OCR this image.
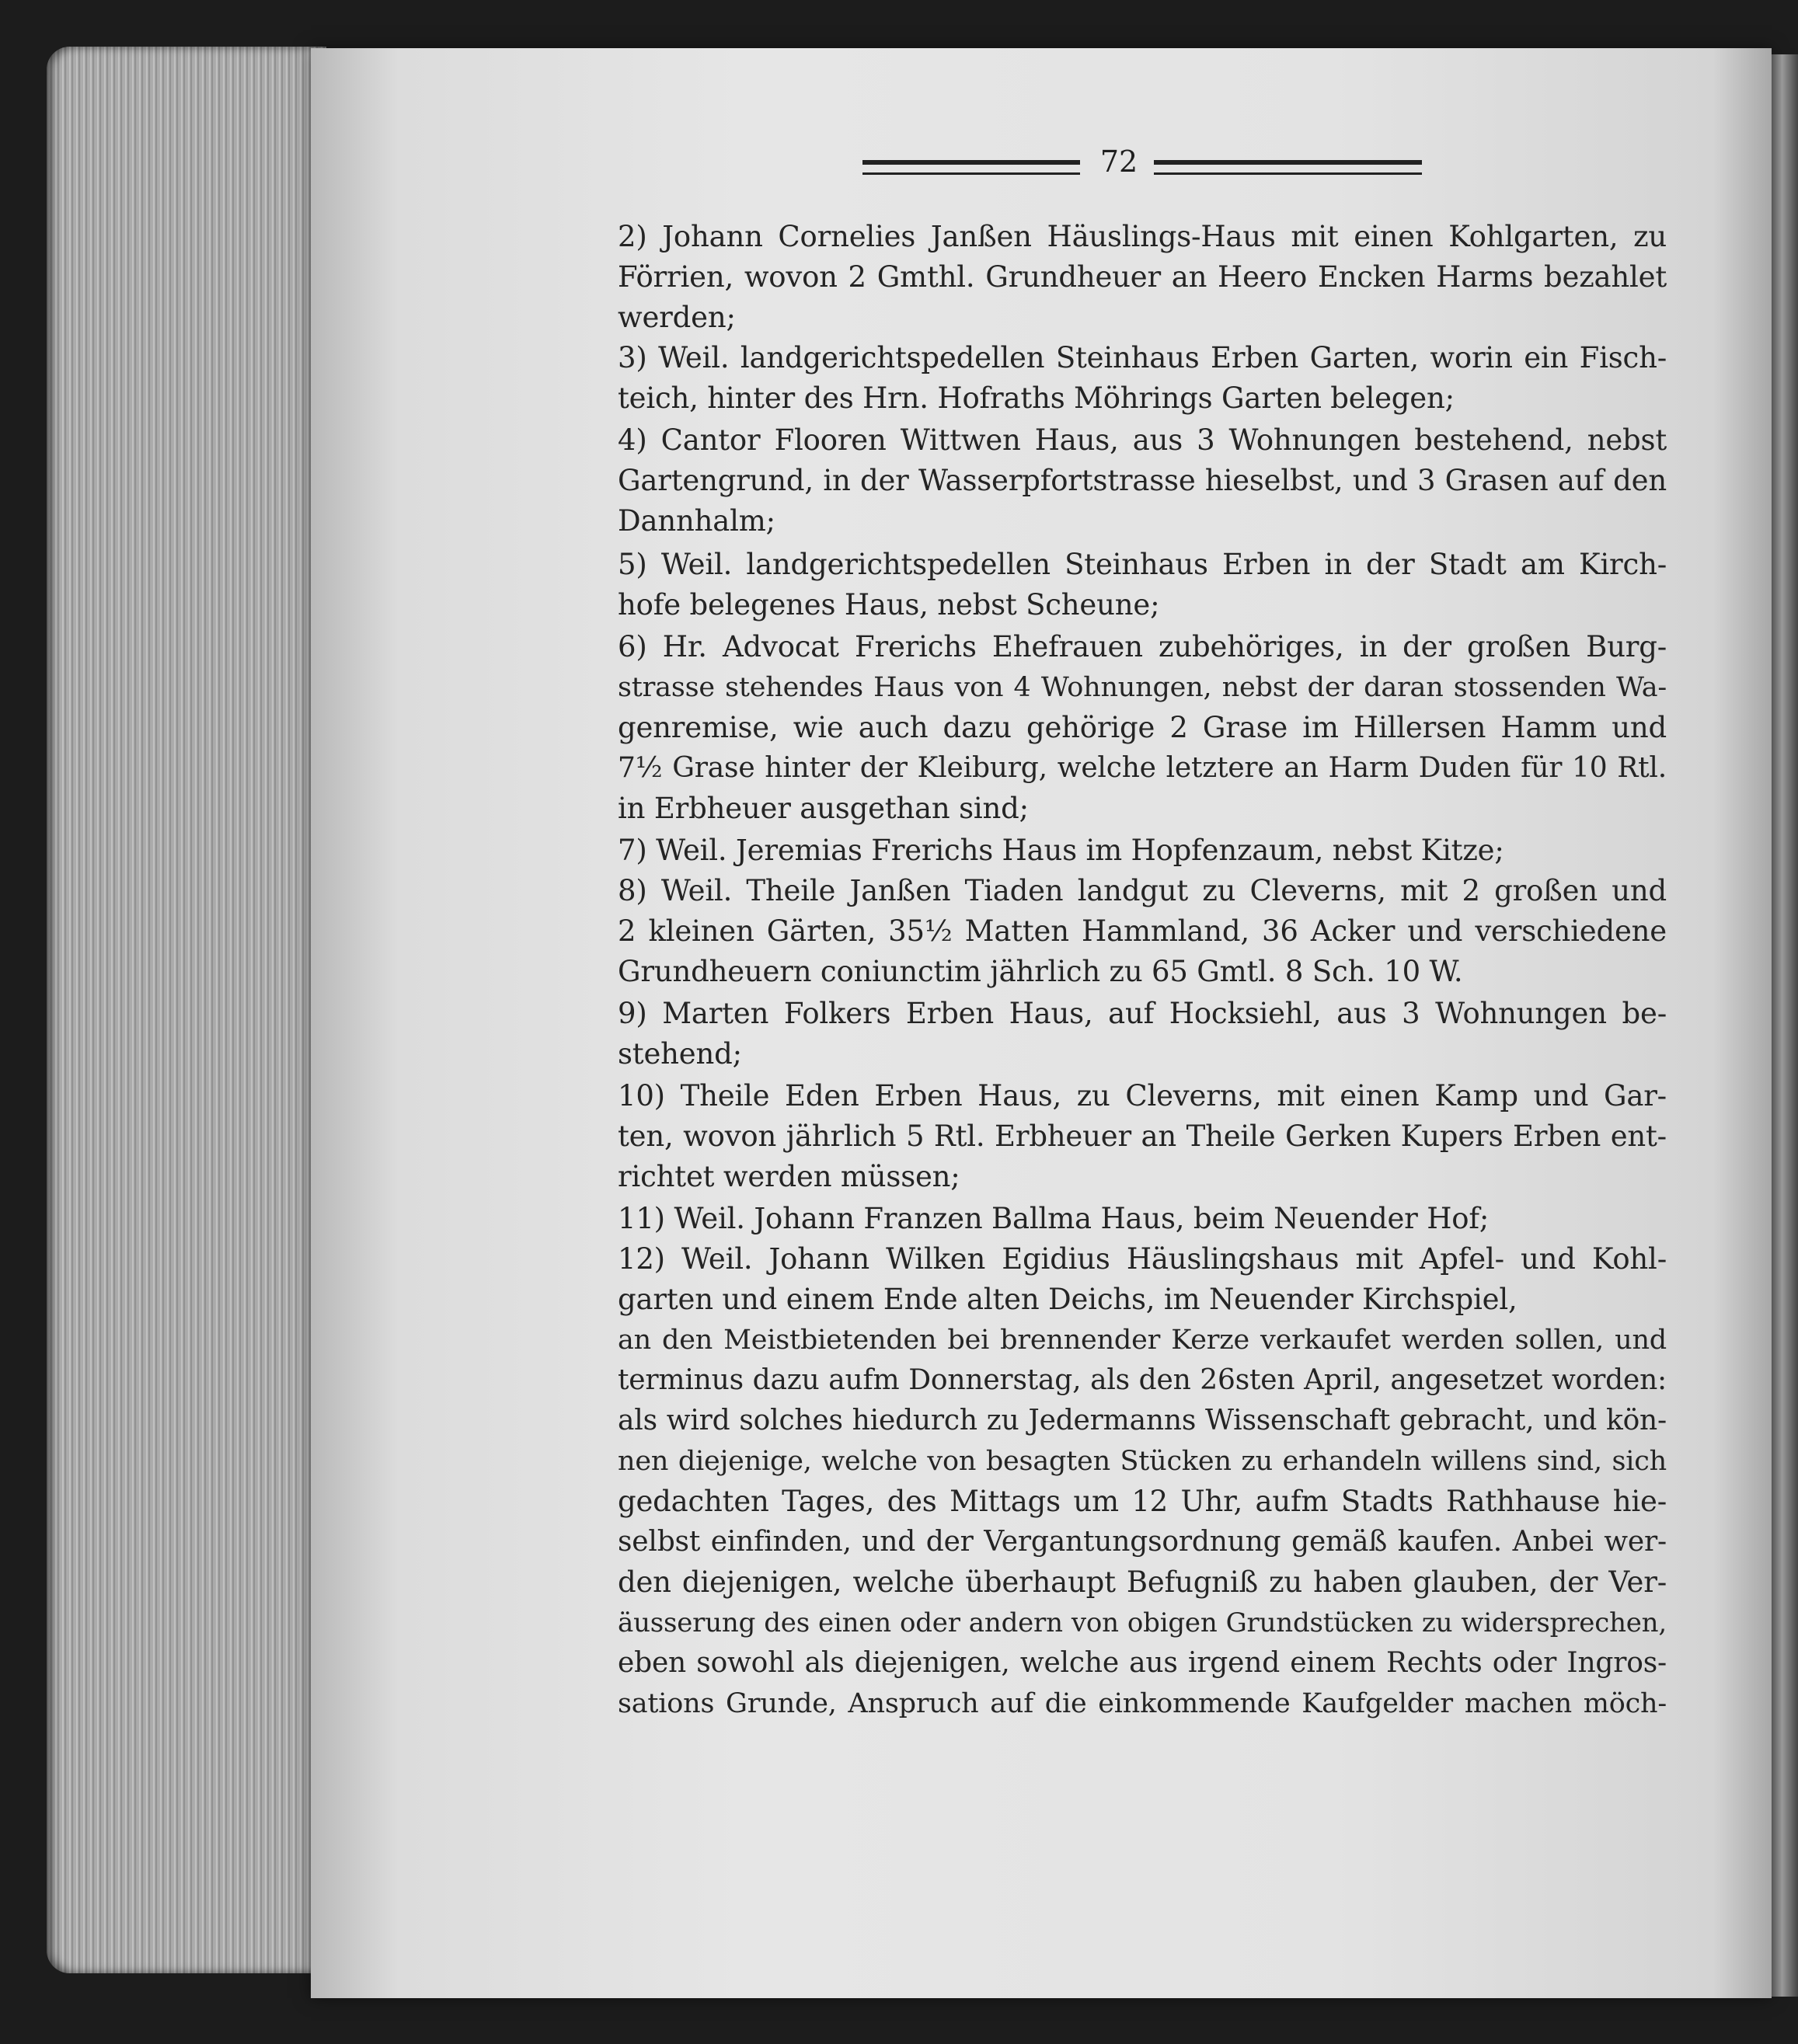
72
2) Johann Cornelies Janßen Häuslings-Haus mit einen Kohlgarten, zu
Förrien, wovon 2 Gmthl. Grundheuer an Heero Encken Harms bezahlet
werden;
3) Weil. landgerichtspedellen Steinhaus Erben Garten, worin ein Fisch-
teich, hinter des Hrn. Hofraths Möhrings Garten belegen;
4) Cantor Flooren Wittwen Haus, aus 3 Wohnungen bestehend, nebst
Gartengrund, in der Wasserpfortstrasse hieselbst, und 3 Grasen auf den
Dannhalm;
5) Weil. landgerichtspedellen Steinhaus Erben in der Stadt am Kirch-
hofe belegenes Haus, nebst Scheune;
6) Hr. Advocat Frerichs Ehefrauen zubehöriges, in der großen Burg-
strasse stehendes Haus von 4 Wohnungen, nebst der daran stossenden Wa-
genremise, wie auch dazu gehörige 2 Grase im Hillersen Hamm und
7½ Grase hinter der Kleiburg, welche letztere an Harm Duden für 10 Rtl.
in Erbheuer ausgethan sind;
7) Weil. Jeremias Frerichs Haus im Hopfenzaum, nebst Kitze;
8) Weil. Theile Janßen Tiaden landgut zu Cleverns, mit 2 großen und
2 kleinen Gärten, 35½ Matten Hammland, 36 Acker und verschiedene
Grundheuern coniunctim jährlich zu 65 Gmtl. 8 Sch. 10 W.
9) Marten Folkers Erben Haus, auf Hocksiehl, aus 3 Wohnungen be-
stehend;
10) Theile Eden Erben Haus, zu Cleverns, mit einen Kamp und Gar-
ten, wovon jährlich 5 Rtl. Erbheuer an Theile Gerken Kupers Erben ent-
richtet werden müssen;
11) Weil. Johann Franzen Ballma Haus, beim Neuender Hof;
12) Weil. Johann Wilken Egidius Häuslingshaus mit Apfel- und Kohl-
garten und einem Ende alten Deichs, im Neuender Kirchspiel,
an den Meistbietenden bei brennender Kerze verkaufet werden sollen, und
terminus dazu aufm Donnerstag, als den 26sten April, angesetzet worden:
als wird solches hiedurch zu Jedermanns Wissenschaft gebracht, und kön-
nen diejenige, welche von besagten Stücken zu erhandeln willens sind, sich
gedachten Tages, des Mittags um 12 Uhr, aufm Stadts Rathhause hie-
selbst einfinden, und der Vergantungsordnung gemäß kaufen. Anbei wer-
den diejenigen, welche überhaupt Befugniß zu haben glauben, der Ver-
äusserung des einen oder andern von obigen Grundstücken zu widersprechen,
eben sowohl als diejenigen, welche aus irgend einem Rechts oder Ingros-
sations Grunde, Anspruch auf die einkommende Kaufgelder machen möch-
